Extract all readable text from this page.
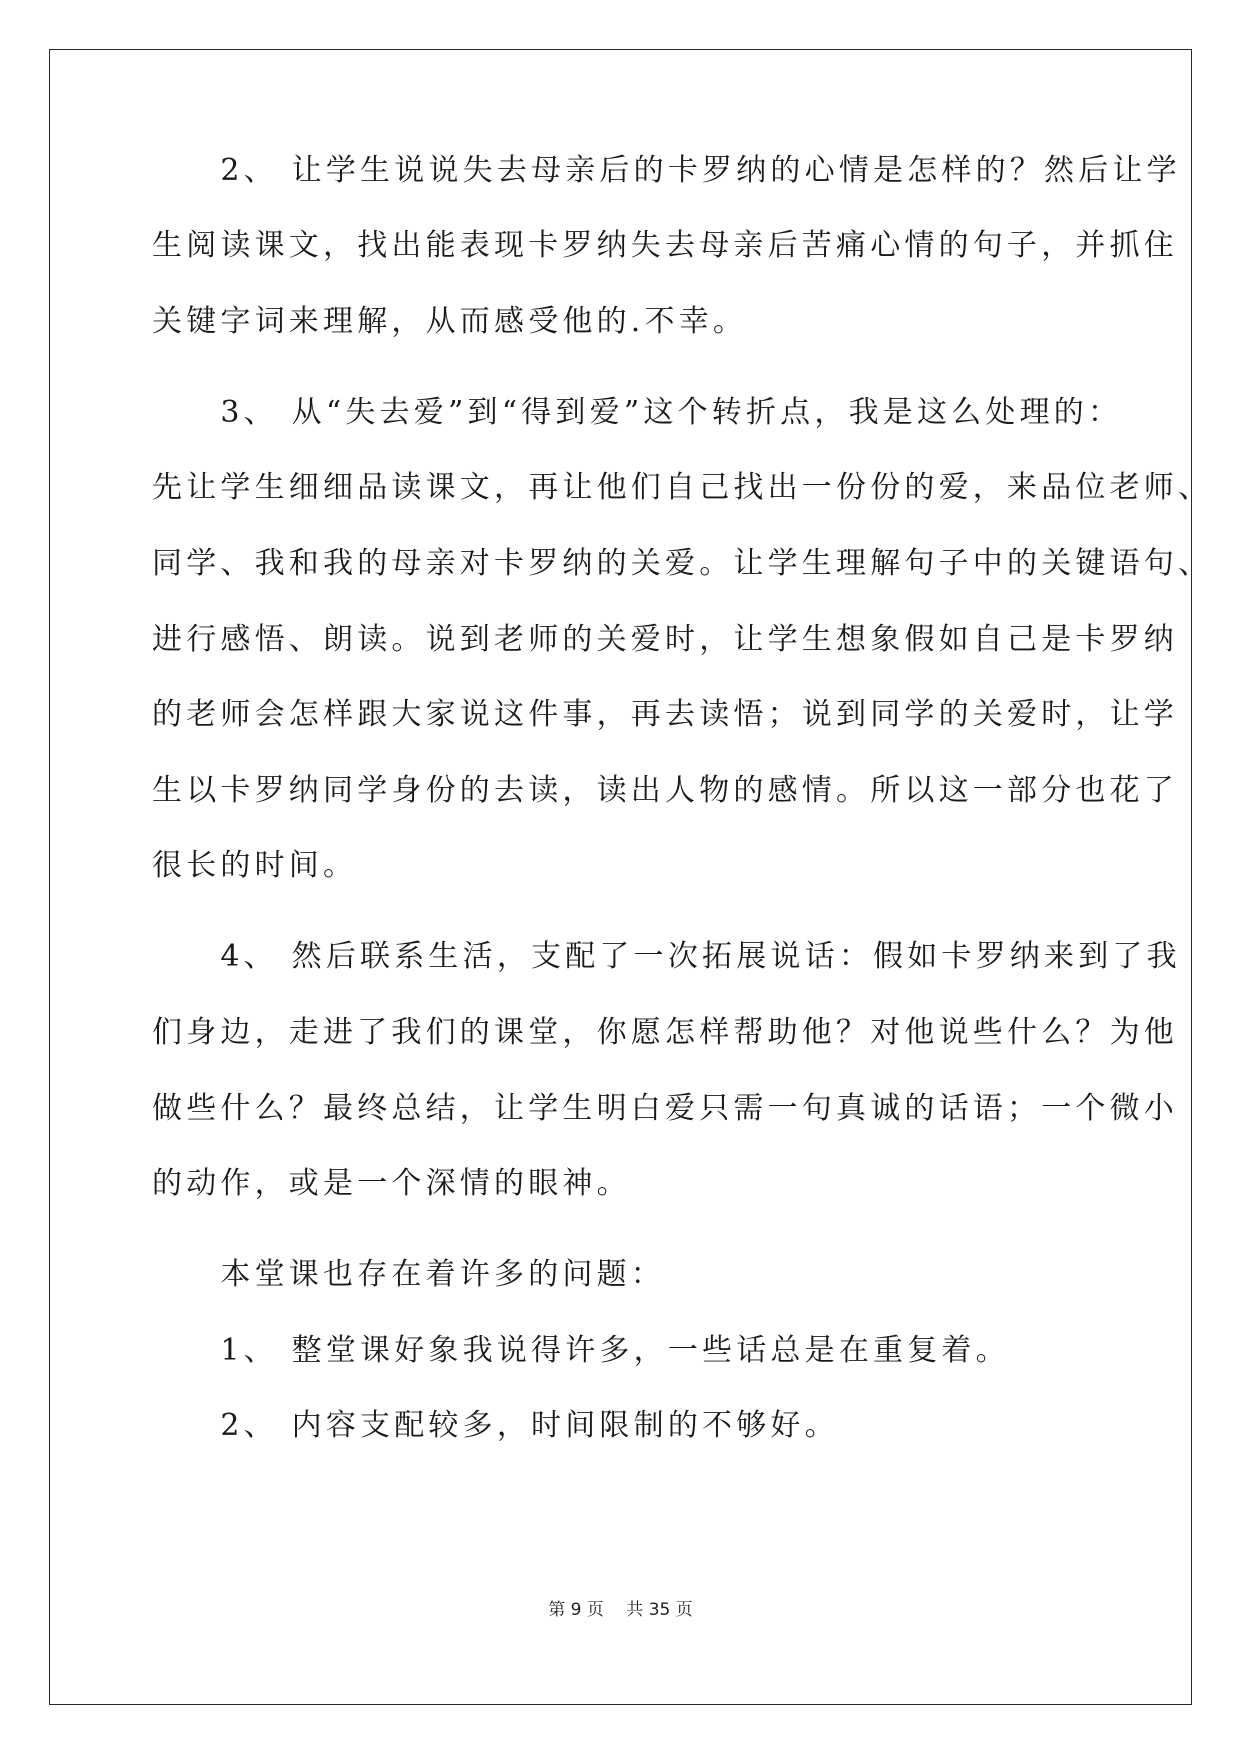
　　2、 让学生说说失去母亲后的卡罗纳的心情是怎样的？然后让学
生阅读课文，找出能表现卡罗纳失去母亲后苦痛心情的句子，并抓住
关键字词来理解，从而感受他的.不幸。
　　3、 从“失去爱”到“得到爱”这个转折点，我是这么处理的：
先让学生细细品读课文，再让他们自己找出一份份的爱，来品位老师、
同学、我和我的母亲对卡罗纳的关爱。让学生理解句子中的关键语句、
进行感悟、朗读。说到老师的关爱时，让学生想象假如自己是卡罗纳
的老师会怎样跟大家说这件事，再去读悟；说到同学的关爱时，让学
生以卡罗纳同学身份的去读，读出人物的感情。所以这一部分也花了
很长的时间。
　　4、 然后联系生活，支配了一次拓展说话：假如卡罗纳来到了我
们身边，走进了我们的课堂，你愿怎样帮助他？对他说些什么？为他
做些什么？最终总结，让学生明白爱只需一句真诚的话语；一个微小
的动作，或是一个深情的眼神。
　　本堂课也存在着许多的问题：
　　1、 整堂课好象我说得许多，一些话总是在重复着。
　　2、 内容支配较多，时间限制的不够好。
第 9 页　 共 35 页
